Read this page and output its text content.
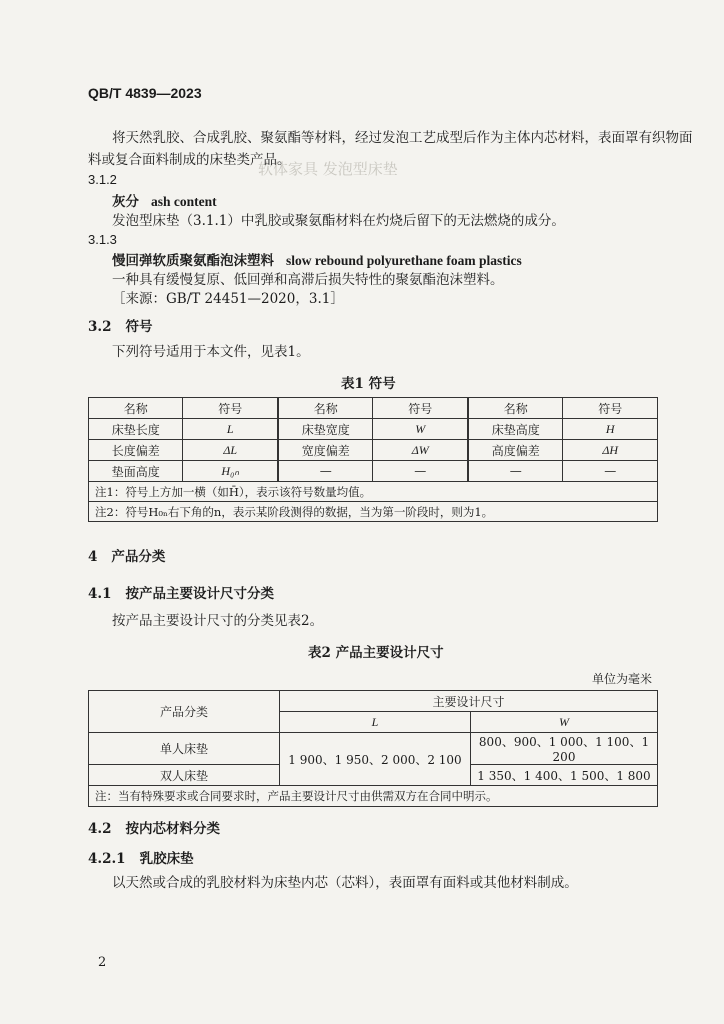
QB/T 4839—2023
软体家具 发泡型床垫
将天然乳胶、合成乳胶、聚氨酯等材料，经过发泡工艺成型后作为主体内芯材料，表面罩有织物面
料或复合面料制成的床垫类产品。
3.1.2
灰分 ash content
发泡型床垫（3.1.1）中乳胶或聚氨酯材料在灼烧后留下的无法燃烧的成分。
3.1.3
慢回弹软质聚氨酯泡沫塑料 slow rebound polyurethane foam plastics
一种具有缓慢复原、低回弹和高滞后损失特性的聚氨酯泡沫塑料。
［来源：GB/T 24451—2020，3.1］
3.2 符号
下列符号适用于本文件，见表1。
表1 符号
名称	符号	名称	符号	名称	符号
床垫长度	L	床垫宽度	W	床垫高度	H
长度偏差	ΔL	宽度偏差	ΔW	高度偏差	ΔH
垫面高度	H₀ₙ	—	—	—	—
注1：符号上方加一横（如H̄），表示该符号数量均值。					
注2：符号H₀ₙ右下角的n，表示某阶段测得的数据，当为第一阶段时，则为1。					
4 产品分类
4.1 按产品主要设计尺寸分类
按产品主要设计尺寸的分类见表2。
表2 产品主要设计尺寸
单位为毫米
产品分类	主要设计尺寸	
	L	W
单人床垫	1 900、1 950、2 000、2 100	800、900、1 000、1 100、1 200
双人床垫		1 350、1 400、1 500、1 800
注：当有特殊要求或合同要求时，产品主要设计尺寸由供需双方在合同中明示。		
4.2 按内芯材料分类
4.2.1 乳胶床垫
以天然或合成的乳胶材料为床垫内芯（芯料），表面罩有面料或其他材料制成。
2
